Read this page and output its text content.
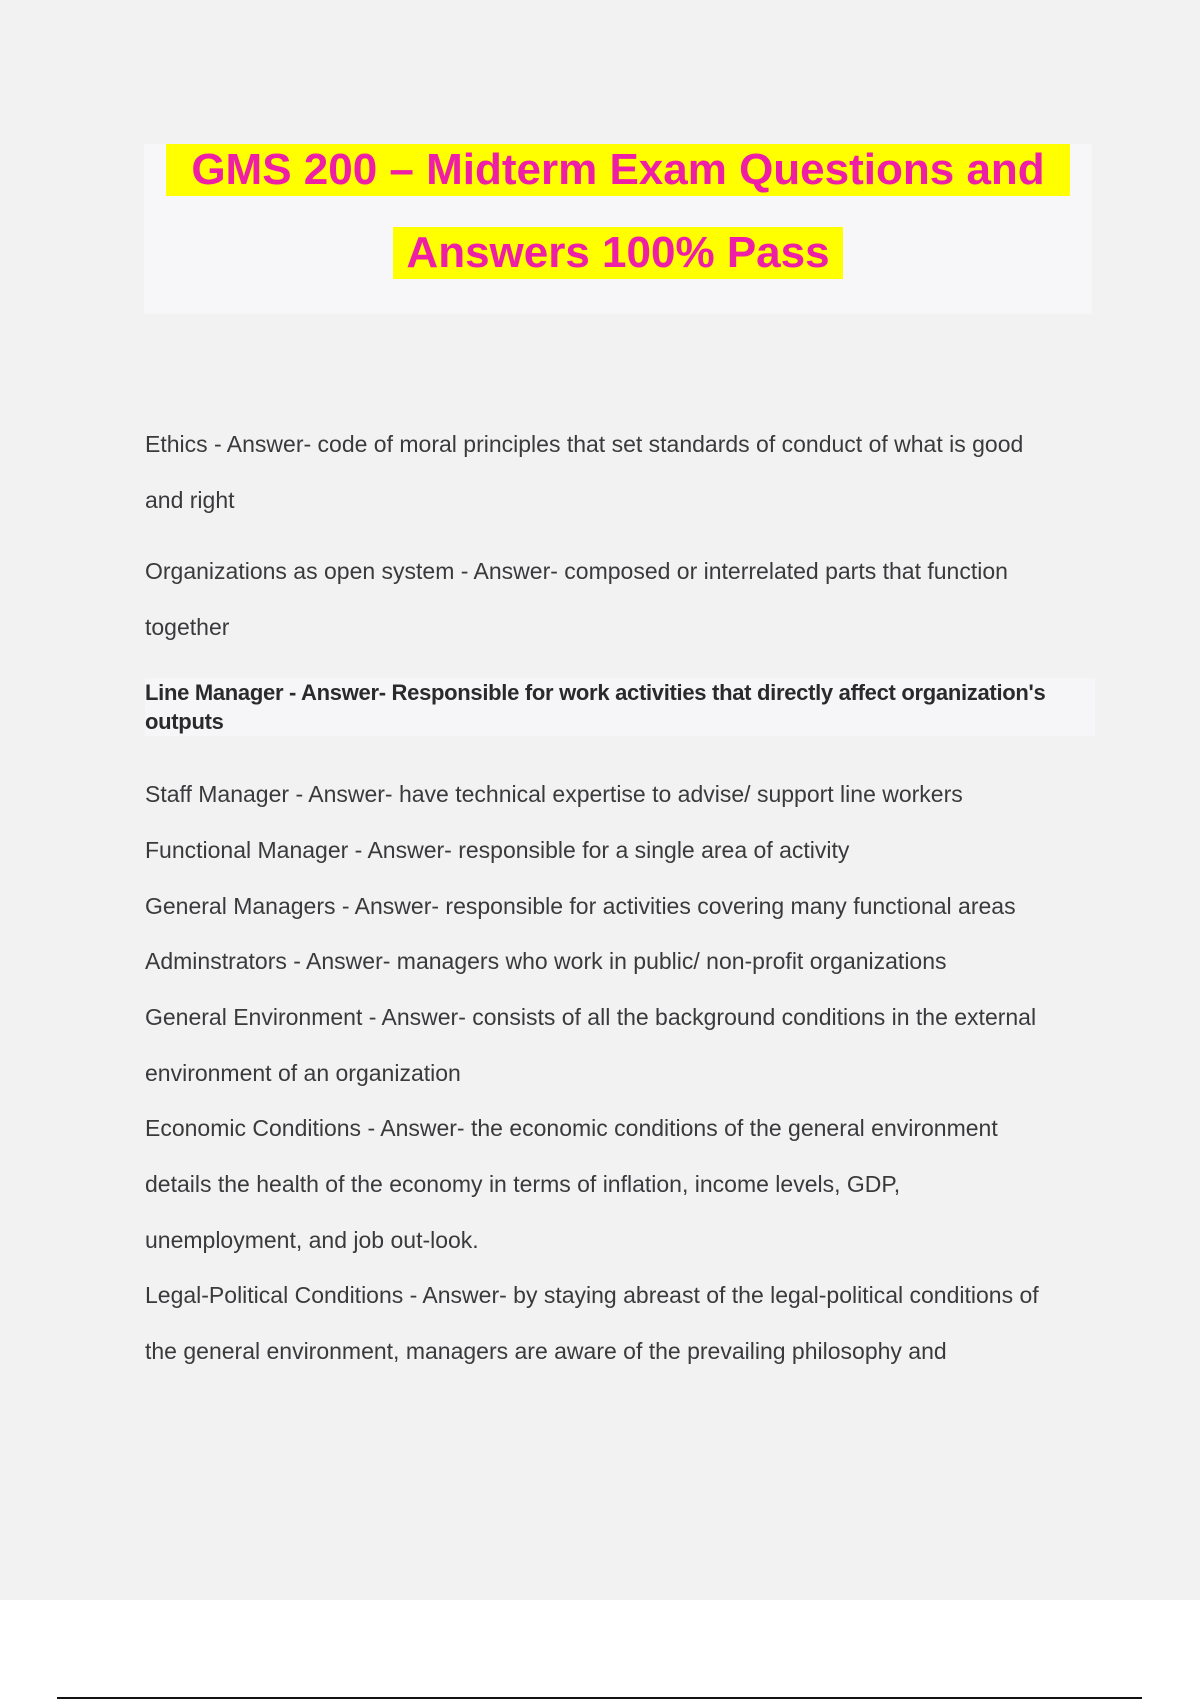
GMS 200 – Midterm Exam Questions and
Answers 100% Pass
Ethics - Answer- code of moral principles that set standards of conduct of what is good
and right
Organizations as open system - Answer- composed or interrelated parts that function
together
Line Manager - Answer- Responsible for work activities that directly affect organization's
outputs
Staff Manager - Answer- have technical expertise to advise/ support line workers
Functional Manager - Answer- responsible for a single area of activity
General Managers - Answer- responsible for activities covering many functional areas
Adminstrators - Answer- managers who work in public/ non-profit organizations
General Environment - Answer- consists of all the background conditions in the external
environment of an organization
Economic Conditions - Answer- the economic conditions of the general environment
details the health of the economy in terms of inflation, income levels, GDP,
unemployment, and job out-look.
Legal-Political Conditions - Answer- by staying abreast of the legal-political conditions of
the general environment, managers are aware of the prevailing philosophy and
